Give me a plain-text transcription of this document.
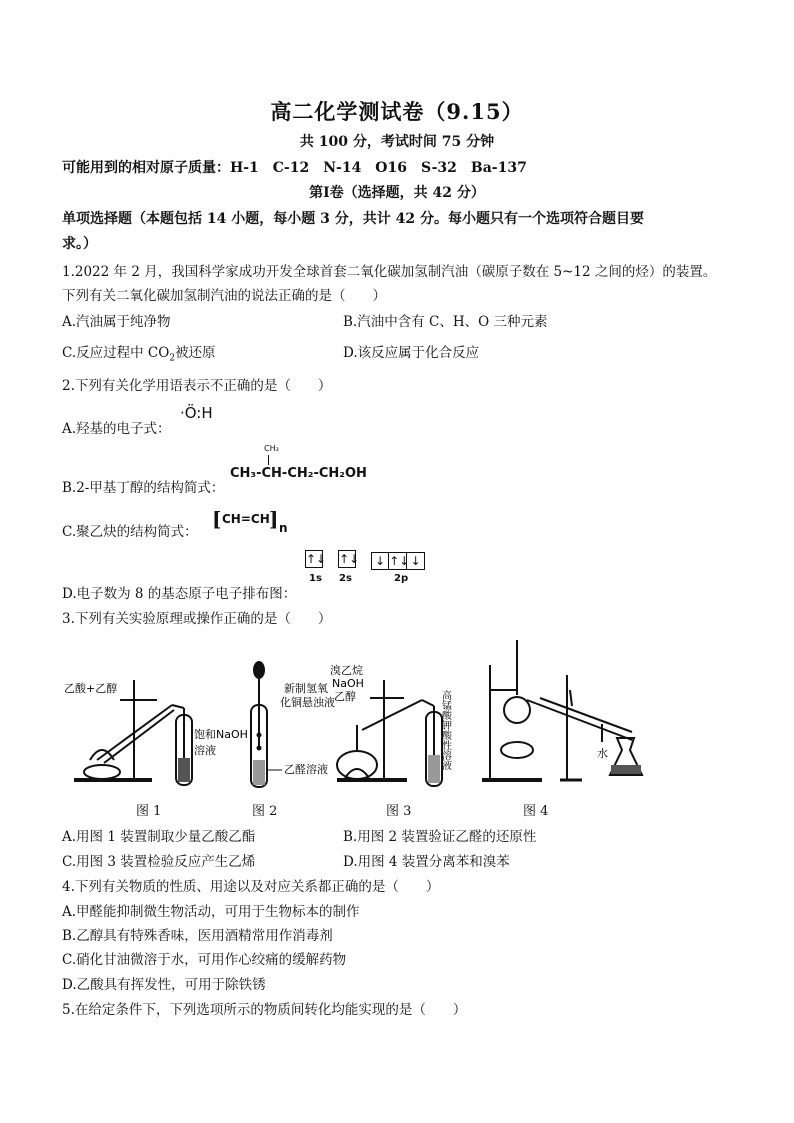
高二化学测试卷（9.15）
共 100 分，考试时间 75 分钟
可能用到的相对原子质量：H-1　C-12　N-14　O16　S-32　Ba-137
第Ⅰ卷（选择题，共 42 分）
单项选择题（本题包括 14 小题，每小题 3 分，共计 42 分。每小题只有一个选项符合题目要
求。）
1.2022 年 2 月，我国科学家成功开发全球首套二氧化碳加氢制汽油（碳原子数在 5~12 之间的烃）的装置。
下列有关二氧化碳加氢制汽油的说法正确的是（　　）
A.汽油属于纯净物	B.汽油中含有 C、H、O 三种元素
C.反应过程中 $CO_2$被还原	D.该反应属于化合反应
2.下列有关化学用语表示不正确的是（　　）
A.羟基的电子式：
·Ö:H
B.2-甲基丁醇的结构简式：
CH₃
CH₃-CH-CH₂-CH₂OH
C.聚乙炔的结构简式：
[ CH=CH ] n
D.电子数为 8 的基态原子电子排布图：
↑↓ ↑↓	↓ ↑↓ ↓
1s 2s	2p
3.下列有关实验原理或操作正确的是（　　）
乙酸+乙醇
饱和NaOH
溶液
新制氢氧
化铜悬浊液
乙醛溶液
溴乙烷
NaOH
乙醇	高锰酸钾酸性溶液	水
图 1	图 2	图 3	图 4
A.用图 1 装置制取少量乙酸乙酯	B.用图 2 装置验证乙醛的还原性
C.用图 3 装置检验反应产生乙烯	D.用图 4 装置分离苯和溴苯
4.下列有关物质的性质、用途以及对应关系都正确的是（　　）
A.甲醛能抑制微生物活动，可用于生物标本的制作
B.乙醇具有特殊香味，医用酒精常用作消毒剂
C.硝化甘油微溶于水，可用作心绞痛的缓解药物
D.乙酸具有挥发性，可用于除铁锈
5.在给定条件下，下列选项所示的物质间转化均能实现的是（　　）
